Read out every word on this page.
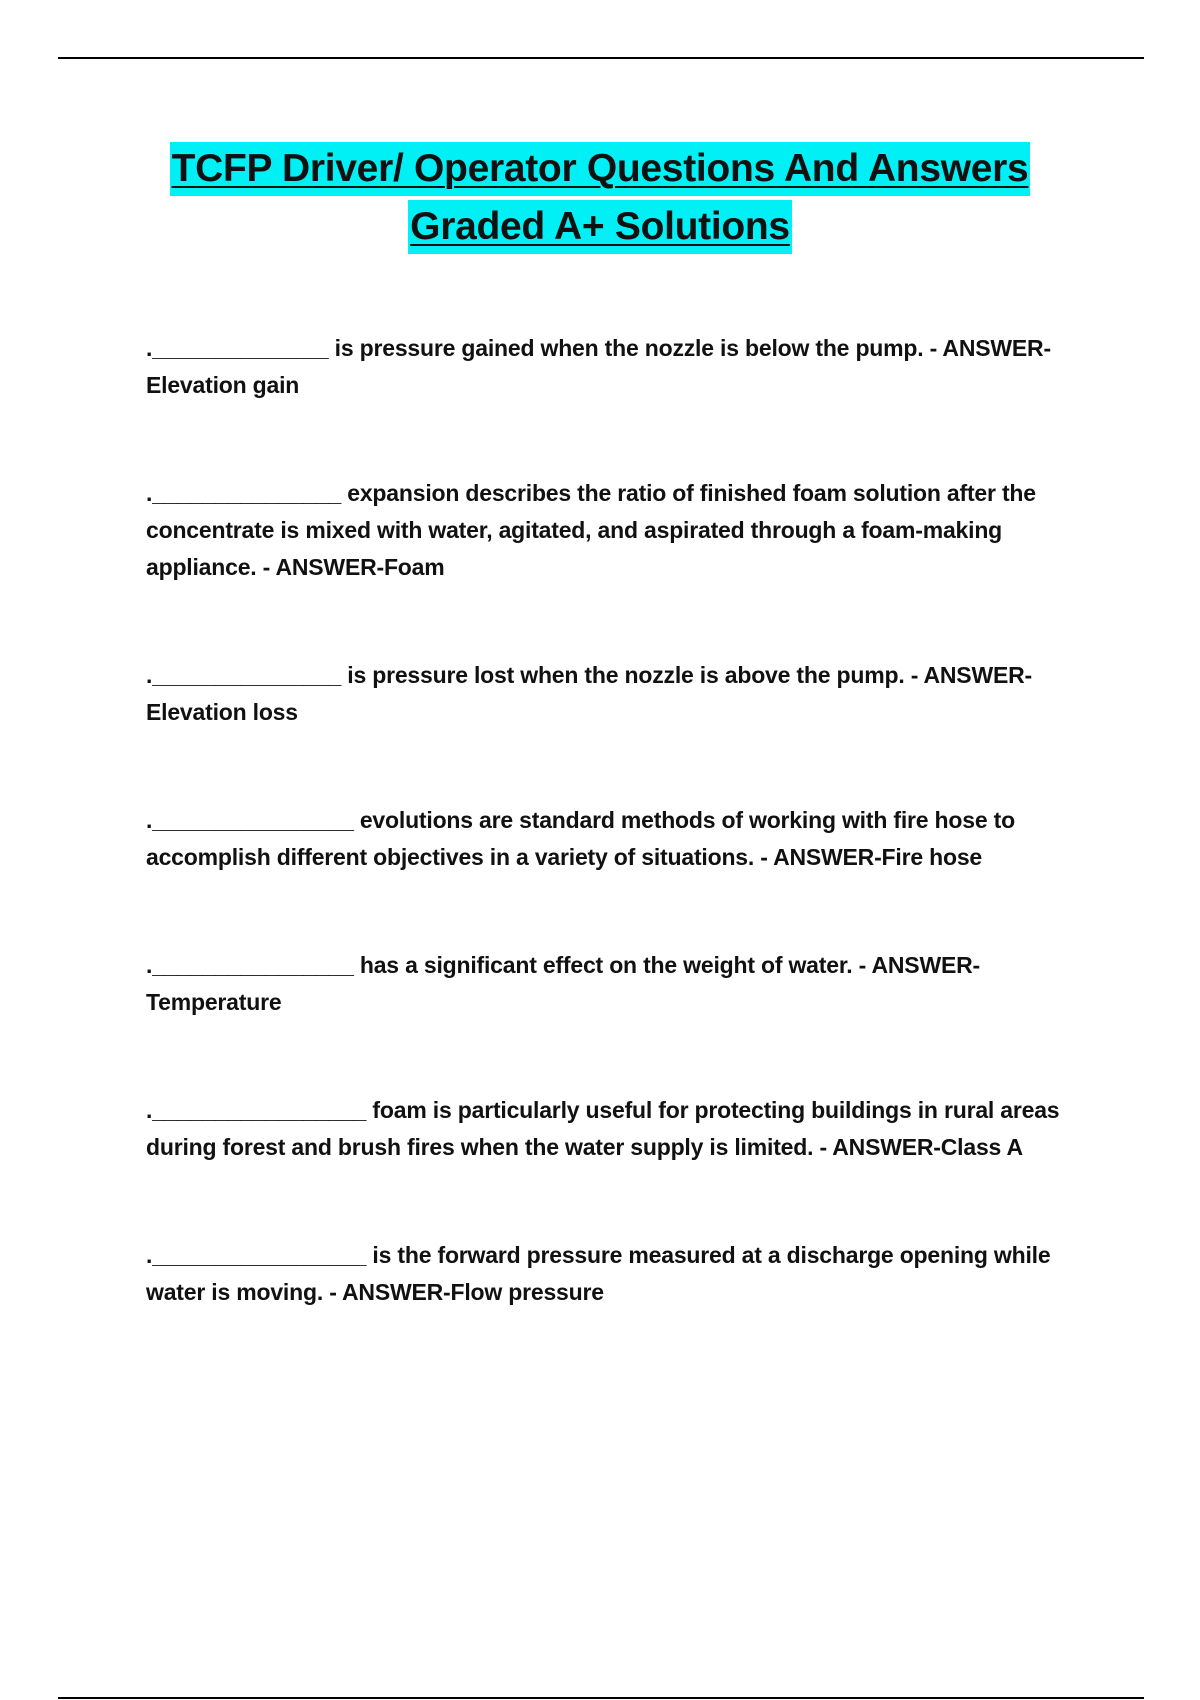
TCFP Driver/ Operator Questions And Answers
Graded A+ Solutions
.______________ is pressure gained when the nozzle is below the pump. - ANSWER-Elevation gain
._______________ expansion describes the ratio of finished foam solution after the concentrate is mixed with water, agitated, and aspirated through a foam-making appliance. - ANSWER-Foam
._______________ is pressure lost when the nozzle is above the pump. - ANSWER-Elevation loss
.________________ evolutions are standard methods of working with fire hose to accomplish different objectives in a variety of situations. - ANSWER-Fire hose
.________________ has a significant effect on the weight of water. - ANSWER-Temperature
._________________ foam is particularly useful for protecting buildings in rural areas during forest and brush fires when the water supply is limited. - ANSWER-Class A
._________________ is the forward pressure measured at a discharge opening while water is moving. - ANSWER-Flow pressure
